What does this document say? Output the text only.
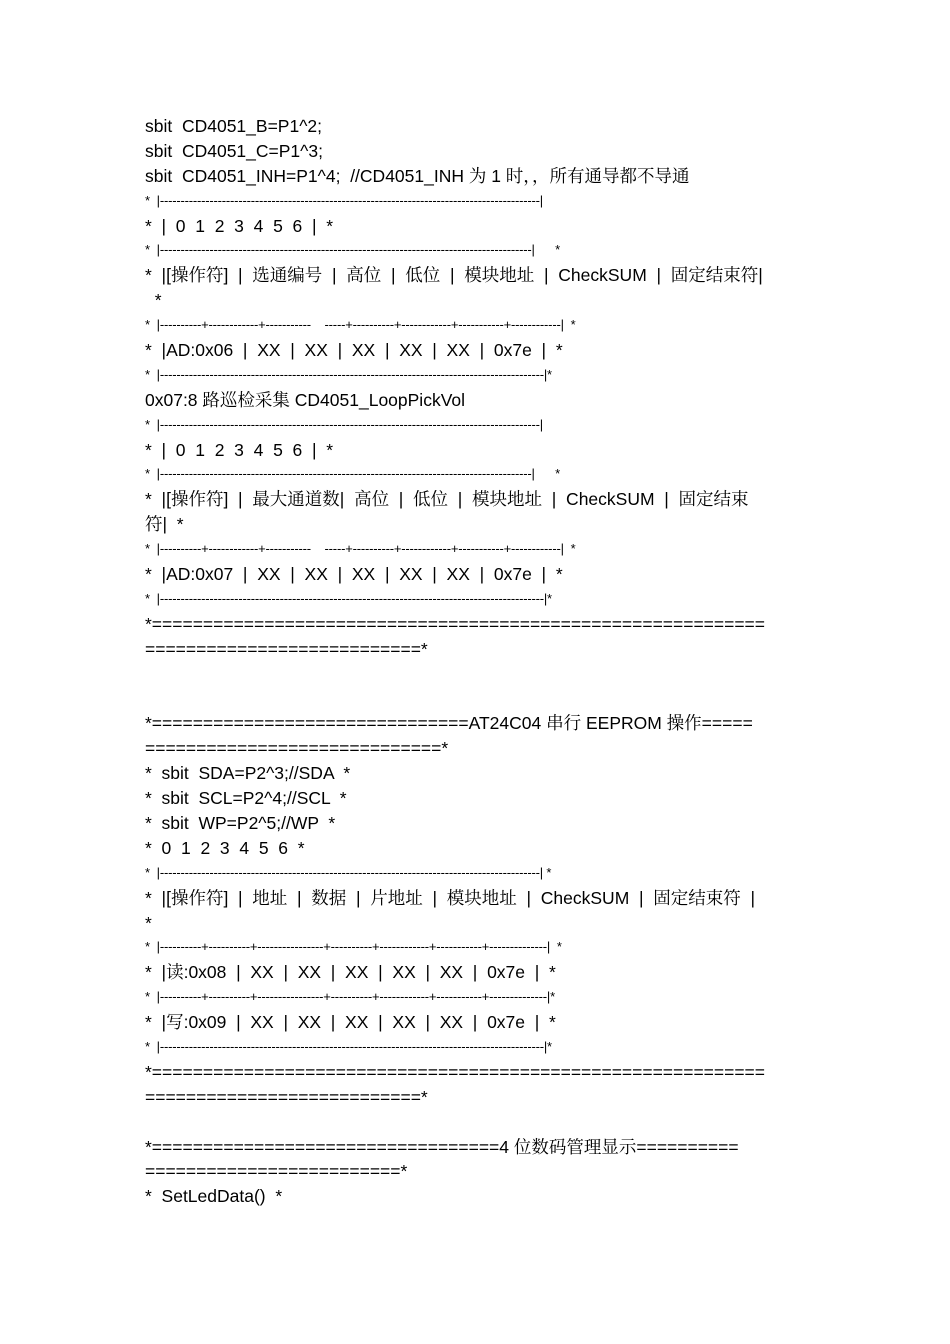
sbit  CD4051_B=P1^2;
sbit  CD4051_C=P1^3;
sbit  CD4051_INH=P1^4;  //CD4051_INH 为 1 时，，所有通导都不导通
*  |--------------------------------------------------------------------------------------------|
*  |  0  1  2  3  4  5  6  |  *
*  |------------------------------------------------------------------------------------------|      *
*  |[操作符]  |  选通编号  |  高位  |  低位  |  模块地址  |  CheckSUM  |  固定结束符|
*
*  |----------+------------+-----------    -----+----------+------------+-----------+------------|  *
*  |AD:0x06  |  XX  |  XX  |  XX  |  XX  |  XX  |  0x7e  |  *
*  |---------------------------------------------------------------------------------------------|*
0x07:8 路巡检采集 CD4051_LoopPickVol
*  |--------------------------------------------------------------------------------------------|
*  |  0  1  2  3  4  5  6  |  *
*  |------------------------------------------------------------------------------------------|      *
*  |[操作符]  |  最大通道数|  高位  |  低位  |  模块地址  |  CheckSUM  |  固定结束
符|  *
*  |----------+------------+-----------    -----+----------+------------+-----------+------------|  *
*  |AD:0x07  |  XX  |  XX  |  XX  |  XX  |  XX  |  0x7e  |  *
*  |---------------------------------------------------------------------------------------------|*
*============================================================
===========================*
*===============================AT24C04 串行 EEPROM 操作=====
=============================*
*  sbit  SDA=P2^3;//SDA  *
*  sbit  SCL=P2^4;//SCL  *
*  sbit  WP=P2^5;//WP  *
*  0  1  2  3  4  5  6  *
*  |--------------------------------------------------------------------------------------------| *
*  |[操作符]  |  地址  |  数据  |  片地址  |  模块地址  |  CheckSUM  |  固定结束符  |
*
*  |----------+----------+----------------+----------+------------+-----------+--------------|  *
*  |读:0x08  |  XX  |  XX  |  XX  |  XX  |  XX  |  0x7e  |  *
*  |----------+----------+----------------+----------+------------+-----------+--------------|*
*  |写:0x09  |  XX  |  XX  |  XX  |  XX  |  XX  |  0x7e  |  *
*  |---------------------------------------------------------------------------------------------|*
*============================================================
===========================*
*==================================4 位数码管理显示==========
=========================*
*  SetLedData()  *
